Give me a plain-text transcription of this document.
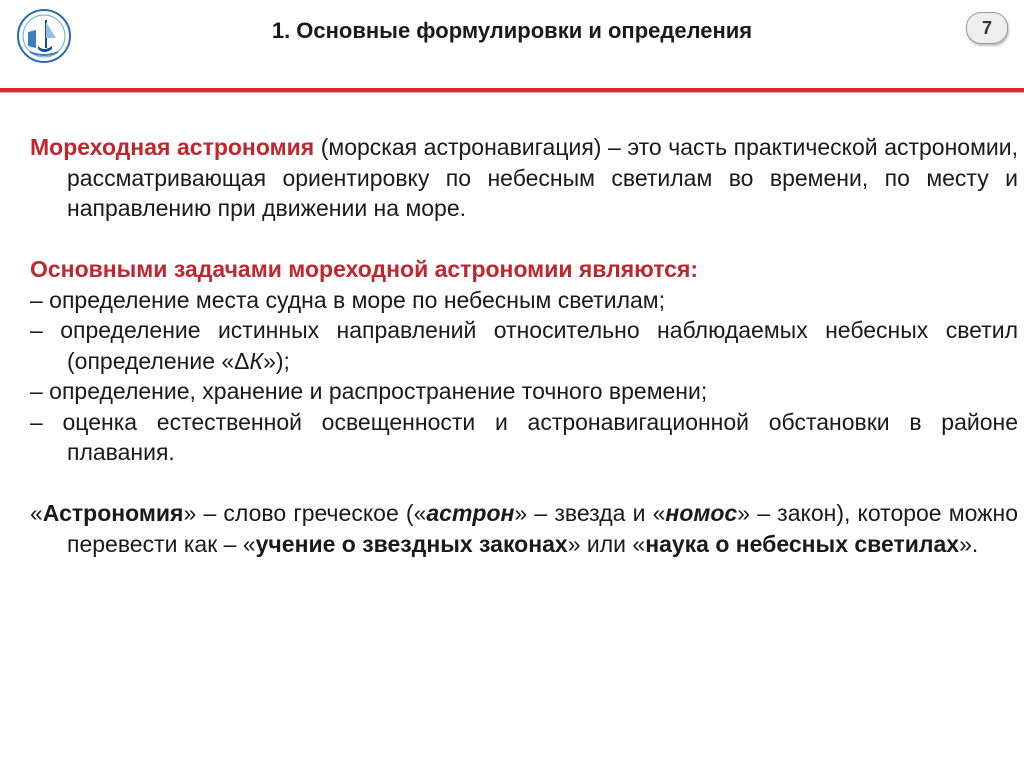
1. Основные формулировки и определения	7

Мореходная астрономия (морская астронавигация) – это часть практической астрономии, рассматривающая ориентировку по небесным светилам во времени, по месту и направлению при движении на море.

Основными задачами мореходной астрономии являются:

– определение места судна в море по небесным светилам;

– определение истинных направлений относительно наблюдаемых небесных светил (определение «ΔК»);

– определение, хранение и распространение точного времени;

– оценка естественной освещенности и астронавигационной обстановки в районе плавания.

«Астрономия» – слово греческое («астрон» – звезда и «номос» – закон), которое можно перевести как – «учение о звездных законах» или «наука о небесных светилах».
